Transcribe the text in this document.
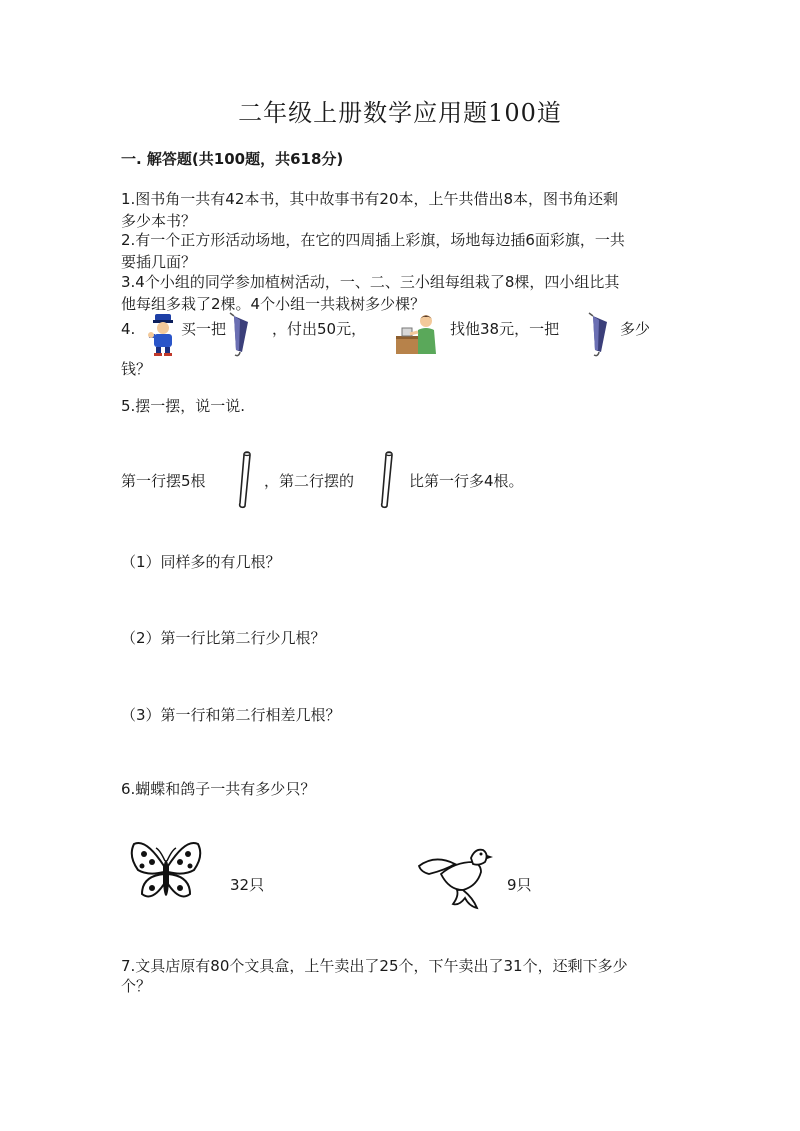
二年级上册数学应用题100道
一. 解答题(共100题，共618分)
1.图书角一共有42本书，其中故事书有20本，上午共借出8本，图书角还剩
多少本书？
2.有一个正方形活动场地，在它的四周插上彩旗，场地每边插6面彩旗，一共
要插几面？
3.4个小组的同学参加植树活动，一、二、三小组每组栽了8棵，四小组比其
他每组多栽了2棵。4个小组一共栽树多少棵？
4.	买一把	，付出50元，	找他38元，一把	多少
钱？
5.摆一摆，说一说.
第一行摆5根	，第二行摆的	比第一行多4根。
（1）同样多的有几根？
（2）第一行比第二行少几根？
（3）第一行和第二行相差几根？
6.蝴蝶和鸽子一共有多少只？
32只	9只
7.文具店原有80个文具盒，上午卖出了25个，下午卖出了31个，还剩下多少
个？
